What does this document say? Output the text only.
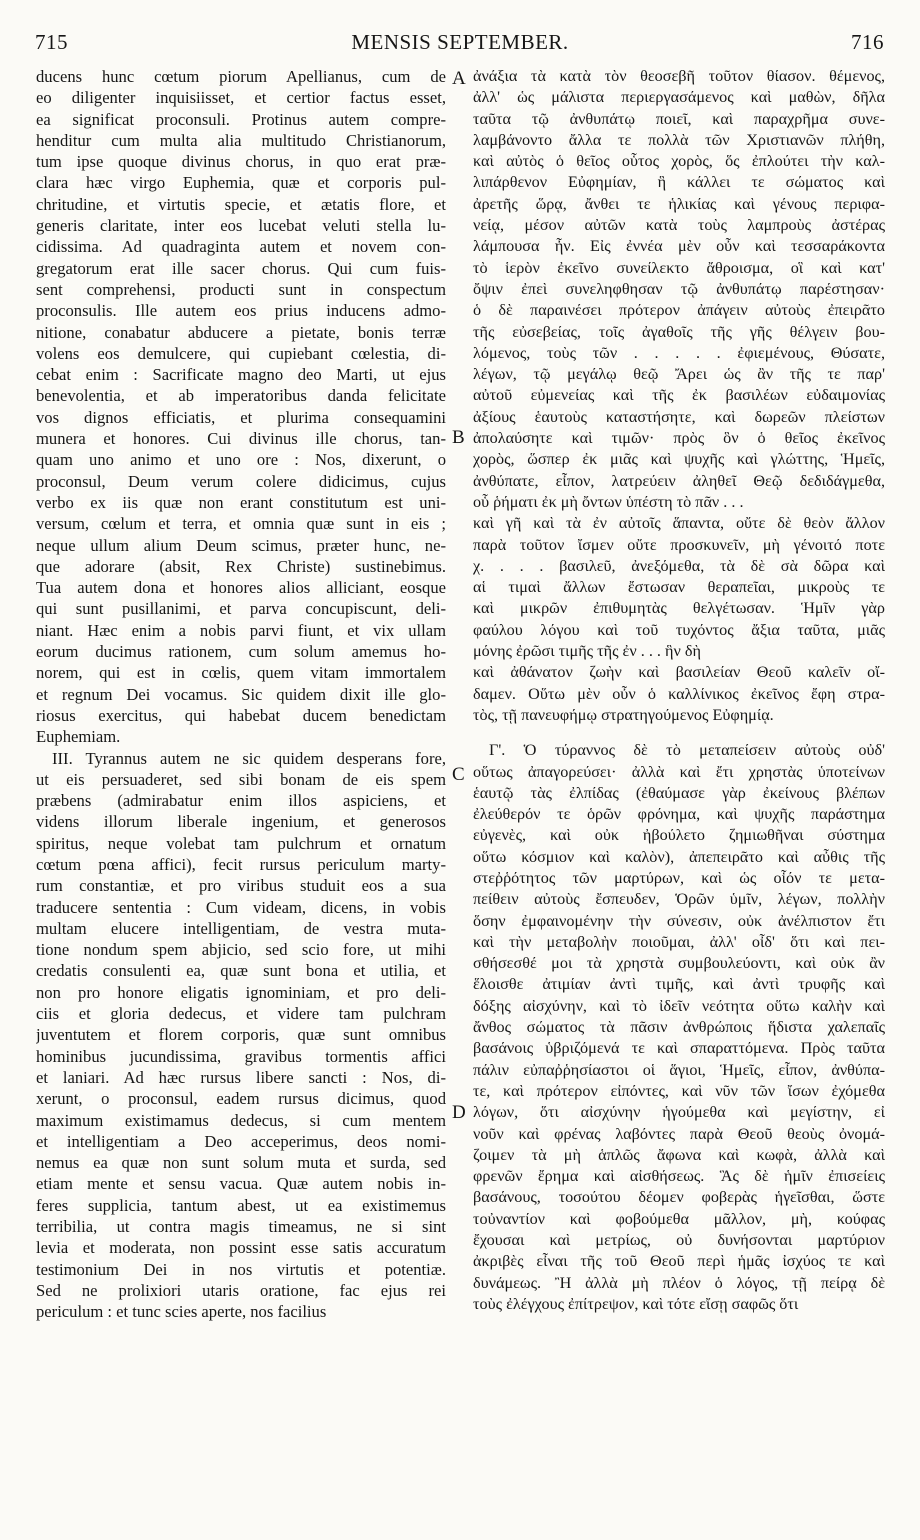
715	MENSIS SEPTEMBER.	716
ducens hunc cœtum piorum Apellianus, cum de
eo diligenter inquisiisset, et certior factus esset,
ea significat proconsuli. Protinus autem compre-
henditur cum multa alia multitudo Christianorum,
tum ipse quoque divinus chorus, in quo erat præ-
clara hæc virgo Euphemia, quæ et corporis pul-
chritudine, et virtutis specie, et ætatis flore, et
generis claritate, inter eos lucebat veluti stella lu-
cidissima. Ad quadraginta autem et novem con-
gregatorum erat ille sacer chorus. Qui cum fuis-
sent comprehensi, producti sunt in conspectum
proconsulis. Ille autem eos prius inducens admo-
nitione, conabatur abducere a pietate, bonis terræ
volens eos demulcere, qui cupiebant cœlestia, di-
cebat enim : Sacrificate magno deo Marti, ut ejus
benevolentia, et ab imperatoribus danda felicitate
vos dignos efficiatis, et plurima consequamini
munera et honores. Cui divinus ille chorus, tan-
quam uno animo et uno ore : Nos, dixerunt, o
proconsul, Deum verum colere didicimus, cujus
verbo ex iis quæ non erant constitutum est uni-
versum, cœlum et terra, et omnia quæ sunt in eis ;
neque ullum alium Deum scimus, præter hunc, ne-
que adorare (absit, Rex Christe) sustinebimus.
Tua autem dona et honores alios alliciant, eosque
qui sunt pusillanimi, et parva concupiscunt, deli-
niant. Hæc enim a nobis parvi fiunt, et vix ullam
eorum ducimus rationem, cum solum amemus ho-
norem, qui est in cœlis, quem vitam immortalem
et regnum Dei vocamus. Sic quidem dixit ille glo-
riosus exercitus, qui habebat ducem benedictam
Euphemiam.
III. Tyrannus autem ne sic quidem desperans fore,
ut eis persuaderet, sed sibi bonam de eis spem
præbens (admirabatur enim illos aspiciens, et
videns illorum liberale ingenium, et generosos
spiritus, neque volebat tam pulchrum et ornatum
cœtum pœna affici), fecit rursus periculum marty-
rum constantiæ, et pro viribus studuit eos a sua
traducere sententia : Cum videam, dicens, in vobis
multam elucere intelligentiam, de vestra muta-
tione nondum spem abjicio, sed scio fore, ut mihi
credatis consulenti ea, quæ sunt bona et utilia, et
non pro honore eligatis ignominiam, et pro deli-
ciis et gloria dedecus, et videre tam pulchram
juventutem et florem corporis, quæ sunt omnibus
hominibus jucundissima, gravibus tormentis affici
et laniari. Ad hæc rursus libere sancti : Nos, di-
xerunt, o proconsul, eadem rursus dicimus, quod
maximum existimamus dedecus, si cum mentem
et intelligentiam a Deo acceperimus, deos nomi-
nemus ea quæ non sunt solum muta et surda, sed
etiam mente et sensu vacua. Quæ autem nobis in-
feres supplicia, tantum abest, ut ea existimemus
terribilia, ut contra magis timeamus, ne si sint
levia et moderata, non possint esse satis accuratum
testimonium Dei in nos virtutis et potentiæ.
Sed ne prolixiori utaris oratione, fac ejus rei
periculum : et tunc scies aperte, nos facilius
ἀνάξια τὰ κατὰ τὸν θεοσεβῆ τοῦτον θίασον. θέμενος,
ἀλλ' ὡς μάλιστα περιεργασάμενος καὶ μαθὼν, δῆλα
ταῦτα τῷ ἀνθυπάτῳ ποιεῖ, καὶ παραχρῆμα συνε-
λαμβάνοντο ἄλλα τε πολλὰ τῶν Χριστιανῶν πλήθη,
καὶ αὐτὸς ὁ θεῖος οὗτος χορὸς, ὅς ἐπλούτει τὴν καλ-
λιπάρθενον Εὐφημίαν, ἣ κάλλει τε σώματος καὶ
ἀρετῆς ὥρᾳ, ἄνθει τε ἡλικίας καὶ γένους περιφα-
νείᾳ, μέσον αὐτῶν κατὰ τοὺς λαμπροὺς ἀστέρας
λάμπουσα ἦν. Εἰς ἐννέα μὲν οὖν καὶ τεσσαράκοντα
τὸ ἱερὸν ἐκεῖνο συνείλεκτο ἄθροισμα, οἳ καὶ κατ'
ὄψιν ἐπεὶ συνεληφθησαν τῷ ἀνθυπάτῳ παρέστησαν·
ὁ δὲ παραινέσει πρότερον ἀπάγειν αὐτοὺς ἐπειρᾶτο
τῆς εὐσεβείας, τοῖς ἀγαθοῖς τῆς γῆς θέλγειν βου-
λόμενος, τοὺς τῶν . . . . . ἐφιεμένους, Θύσατε,
λέγων, τῷ μεγάλῳ θεῷ Ἄρει ὡς ἂν τῆς τε παρ'
αὐτοῦ εὐμενείας καὶ τῆς ἐκ βασιλέων εὐδαιμονίας
ἀξίους ἑαυτοὺς καταστήσητε, καὶ δωρεῶν πλείστων
ἀπολαύσητε καὶ τιμῶν· πρὸς ὃν ὁ θεῖος ἐκεῖνος
χορὸς, ὥσπερ ἐκ μιᾶς καὶ ψυχῆς καὶ γλώττης, Ἡμεῖς,
ἀνθύπατε, εἶπον, λατρεύειν ἀληθεῖ Θεῷ δεδιδάγμεθα,
οὗ ῥήματι ἐκ μὴ ὄντων ὑπέστη τὸ πᾶν . . .
καὶ γῆ καὶ τὰ ἐν αὐτοῖς ἅπαντα, οὔτε δὲ θεὸν ἄλλον
παρὰ τοῦτον ἴσμεν οὔτε προσκυνεῖν, μὴ γένοιτό ποτε
χ. . . . βασιλεῦ, ἀνεξόμεθα, τὰ δὲ σὰ δῶρα καὶ
αἱ τιμαὶ ἄλλων ἔστωσαν θεραπεῖαι, μικροὺς τε
καὶ μικρῶν ἐπιθυμητὰς θελγέτωσαν. Ἡμῖν γὰρ
φαύλου λόγου καὶ τοῦ τυχόντος ἄξια ταῦτα, μιᾶς
μόνης ἐρῶσι τιμῆς τῆς ἐν . . . ἣν δὴ
καὶ ἀθάνατον ζωὴν καὶ βασιλείαν Θεοῦ καλεῖν οἴ-
δαμεν. Οὕτω μὲν οὖν ὁ καλλίνικος ἐκεῖνος ἔφη στρα-
τὸς, τῇ πανευφήμῳ στρατηγούμενος Εὐφημίᾳ.
Γ'. Ὁ τύραννος δὲ τὸ μεταπείσειν αὐτοὺς οὐδ'
οὕτως ἀπαγορεύσει· ἀλλὰ καὶ ἔτι χρηστὰς ὑποτείνων
ἑαυτῷ τὰς ἐλπίδας (ἐθαύμασε γὰρ ἐκείνους βλέπων
ἐλεύθερόν τε ὁρῶν φρόνημα, καὶ ψυχῆς παράστημα
εὐγενὲς, καὶ οὐκ ἠβούλετο ζημιωθῆναι σύστημα
οὕτω κόσμιον καὶ καλὸν), ἀπεπειρᾶτο καὶ αὖθις τῆς
στεῤῥότητος τῶν μαρτύρων, καὶ ὡς οἷόν τε μετα-
πείθειν αὐτοὺς ἔσπευδεν, Ὁρῶν ὑμῖν, λέγων, πολλὴν
ὅσην ἐμφαινομένην τὴν σύνεσιν, οὐκ ἀνέλπιστον ἔτι
καὶ τὴν μεταβολὴν ποιοῦμαι, ἀλλ' οἶδ' ὅτι καὶ πει-
σθήσεσθέ μοι τὰ χρηστὰ συμβουλεύοντι, καὶ οὐκ ἂν
ἕλοισθε ἀτιμίαν ἀντὶ τιμῆς, καὶ ἀντὶ τρυφῆς καὶ
δόξης αἰσχύνην, καὶ τὸ ἰδεῖν νεότητα οὕτω καλὴν καὶ
ἄνθος σώματος τὰ πᾶσιν ἀνθρώποις ἥδιστα χαλεπαῖς
βασάνοις ὑβριζόμενά τε καὶ σπαραττόμενα. Πρὸς ταῦτα
πάλιν εὐπαῤῥησίαστοι οἱ ἅγιοι, Ἡμεῖς, εἶπον, ἀνθύπα-
τε, καὶ πρότερον εἰπόντες, καὶ νῦν τῶν ἴσων ἐχόμεθα
λόγων, ὅτι αἰσχύνην ἡγούμεθα καὶ μεγίστην, εἰ
νοῦν καὶ φρένας λαβόντες παρὰ Θεοῦ θεοὺς ὀνομά-
ζοιμεν τὰ μὴ ἁπλῶς ἄφωνα καὶ κωφὰ, ἀλλὰ καὶ
φρενῶν ἔρημα καὶ αἰσθήσεως. Ἃς δὲ ἡμῖν ἐπισείεις
βασάνους, τοσούτου δέομεν φοβερὰς ἡγεῖσθαι, ὥστε
τοὐναντίον καὶ φοβούμεθα μᾶλλον, μὴ, κούφας
ἔχουσαι καὶ μετρίως, οὐ δυνήσονται μαρτύριον
ἀκριβὲς εἶναι τῆς τοῦ Θεοῦ περὶ ἡμᾶς ἰσχύος τε καὶ
δυνάμεως. Ἢ ἀλλὰ μὴ πλέον ὁ λόγος, τῇ πείρᾳ δὲ
τοὺς ἐλέγχους ἐπίτρεψον, καὶ τότε εἴσῃ σαφῶς ὅτι
A
B
C
D
